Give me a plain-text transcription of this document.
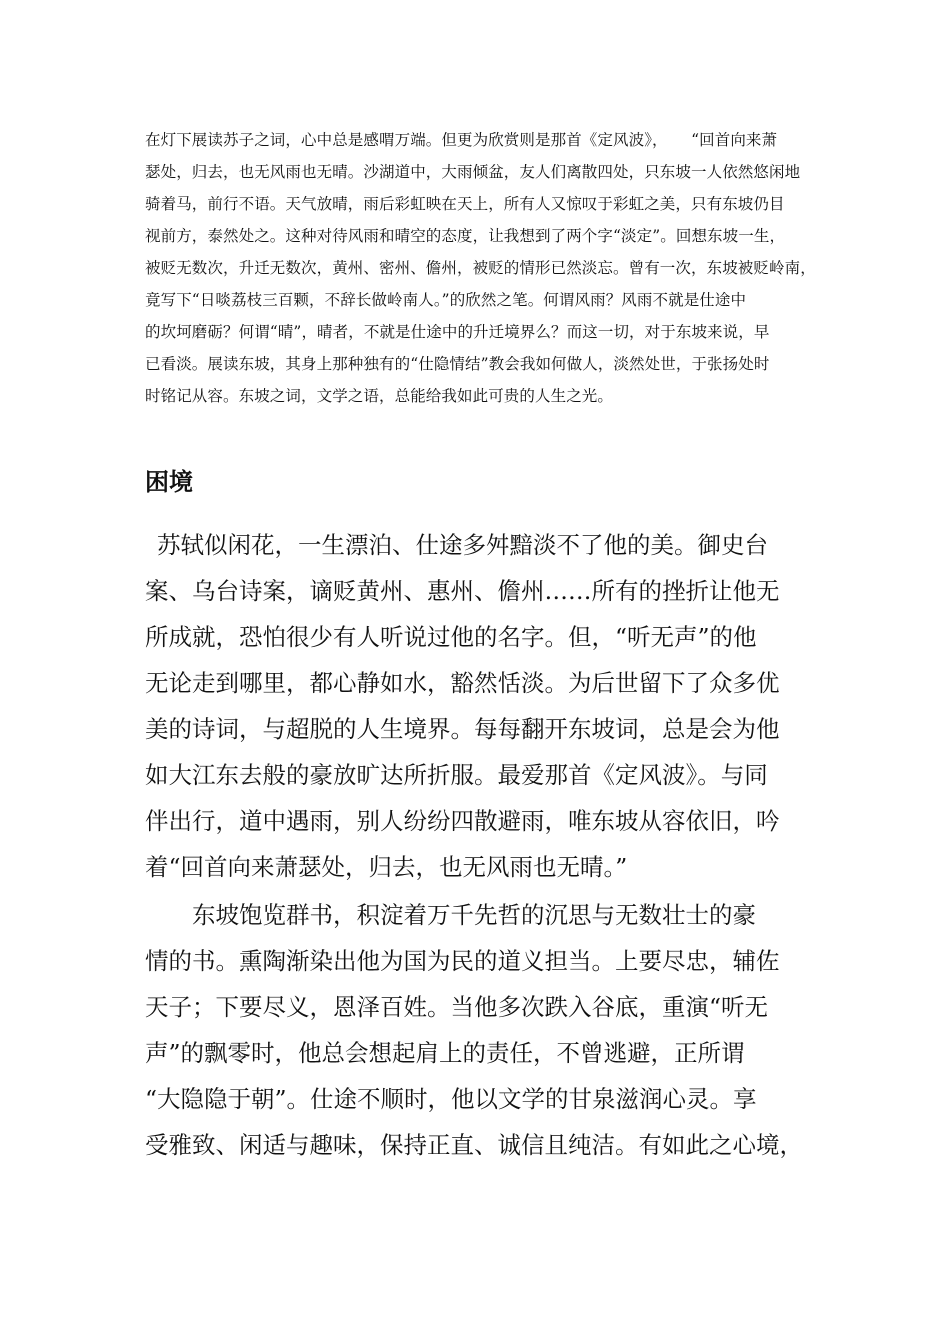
在灯下展读苏子之词，心中总是感喟万端。但更为欣赏则是那首《定风波》，　　“回首向来萧
瑟处，归去，也无风雨也无晴。沙湖道中，大雨倾盆，友人们离散四处，只东坡一人依然悠闲地
骑着马，前行不语。天气放晴，雨后彩虹映在天上，所有人又惊叹于彩虹之美，只有东坡仍目
视前方，泰然处之。这种对待风雨和晴空的态度，让我想到了两个字“淡定”。回想东坡一生，
被贬无数次，升迁无数次，黄州、密州、儋州，被贬的情形已然淡忘。曾有一次，东坡被贬岭南，
竟写下“日啖荔枝三百颗，不辞长做岭南人。”的欣然之笔。何谓风雨？风雨不就是仕途中
的坎坷磨砺？何谓“晴”，晴者，不就是仕途中的升迁境界么？而这一切，对于东坡来说，早
已看淡。展读东坡，其身上那种独有的“仕隐情结”教会我如何做人，淡然处世，于张扬处时
时铭记从容。东坡之词，文学之语，总能给我如此可贵的人生之光。
困境
苏轼似闲花，一生漂泊、仕途多舛黯淡不了他的美。御史台
案、乌台诗案，谪贬黄州、惠州、儋州……所有的挫折让他无
所成就，恐怕很少有人听说过他的名字。但，“听无声”的他
无论走到哪里，都心静如水，豁然恬淡。为后世留下了众多优
美的诗词，与超脱的人生境界。每每翻开东坡词，总是会为他
如大江东去般的豪放旷达所折服。最爱那首《定风波》。与同
伴出行，道中遇雨，别人纷纷四散避雨，唯东坡从容依旧，吟
着“回首向来萧瑟处，归去，也无风雨也无晴。”
东坡饱览群书，积淀着万千先哲的沉思与无数壮士的豪
情的书。熏陶渐染出他为国为民的道义担当。上要尽忠，辅佐
天子；下要尽义，恩泽百姓。当他多次跌入谷底，重演“听无
声”的飘零时，他总会想起肩上的责任，不曾逃避，正所谓
“大隐隐于朝”。仕途不顺时，他以文学的甘泉滋润心灵。享
受雅致、闲适与趣味，保持正直、诚信且纯洁。有如此之心境，
